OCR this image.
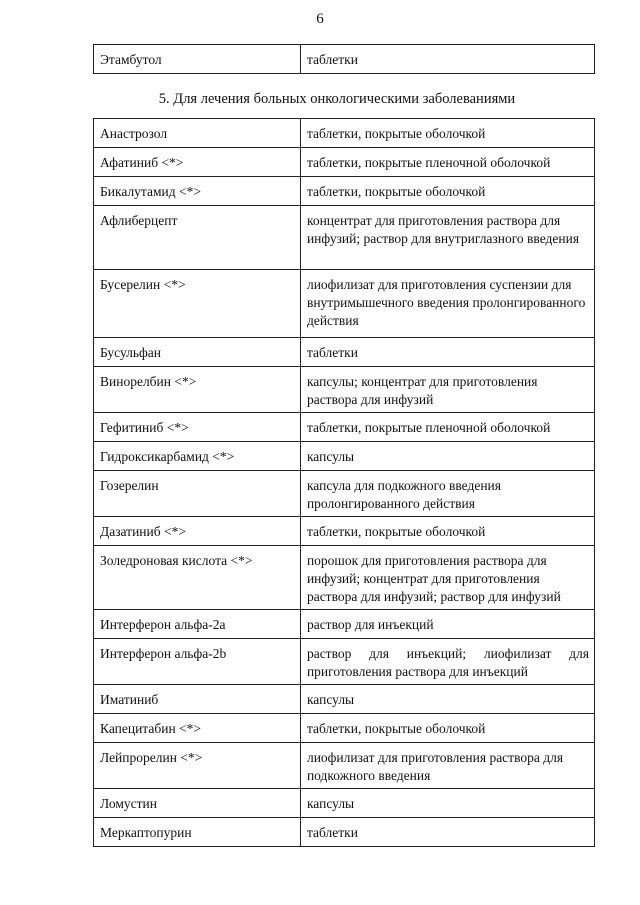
6
Этамбутол	таблетки
5. Для лечения больных онкологическими заболеваниями
Анастрозол	таблетки, покрытые оболочкой
Афатиниб <*>	таблетки, покрытые пленочной оболочкой
Бикалутамид <*>	таблетки, покрытые оболочкой
Афлиберцепт	концентрат для приготовления раствора для инфузий; раствор для внутриглазного введения
Бусерелин <*>	лиофилизат для приготовления суспензии для внутримышечного введения пролонгированного действия
Бусульфан	таблетки
Винорелбин <*>	капсулы; концентрат для приготовления раствора для инфузий
Гефитиниб <*>	таблетки, покрытые пленочной оболочкой
Гидроксикарбамид <*>	капсулы
Гозерелин	капсула для подкожного введения пролонгированного действия
Дазатиниб <*>	таблетки, покрытые оболочкой
Золедроновая кислота <*>	порошок для приготовления раствора для инфузий; концентрат для приготовления раствора для инфузий; раствор для инфузий
Интерферон альфа-2а	раствор для инъекций
Интерферон альфа-2b	раствор для инъекций; лиофилизат для приготовления раствора для инъекций
Иматиниб	капсулы
Капецитабин <*>	таблетки, покрытые оболочкой
Лейпрорелин <*>	лиофилизат для приготовления раствора для подкожного введения
Ломустин	капсулы
Меркаптопурин	таблетки
